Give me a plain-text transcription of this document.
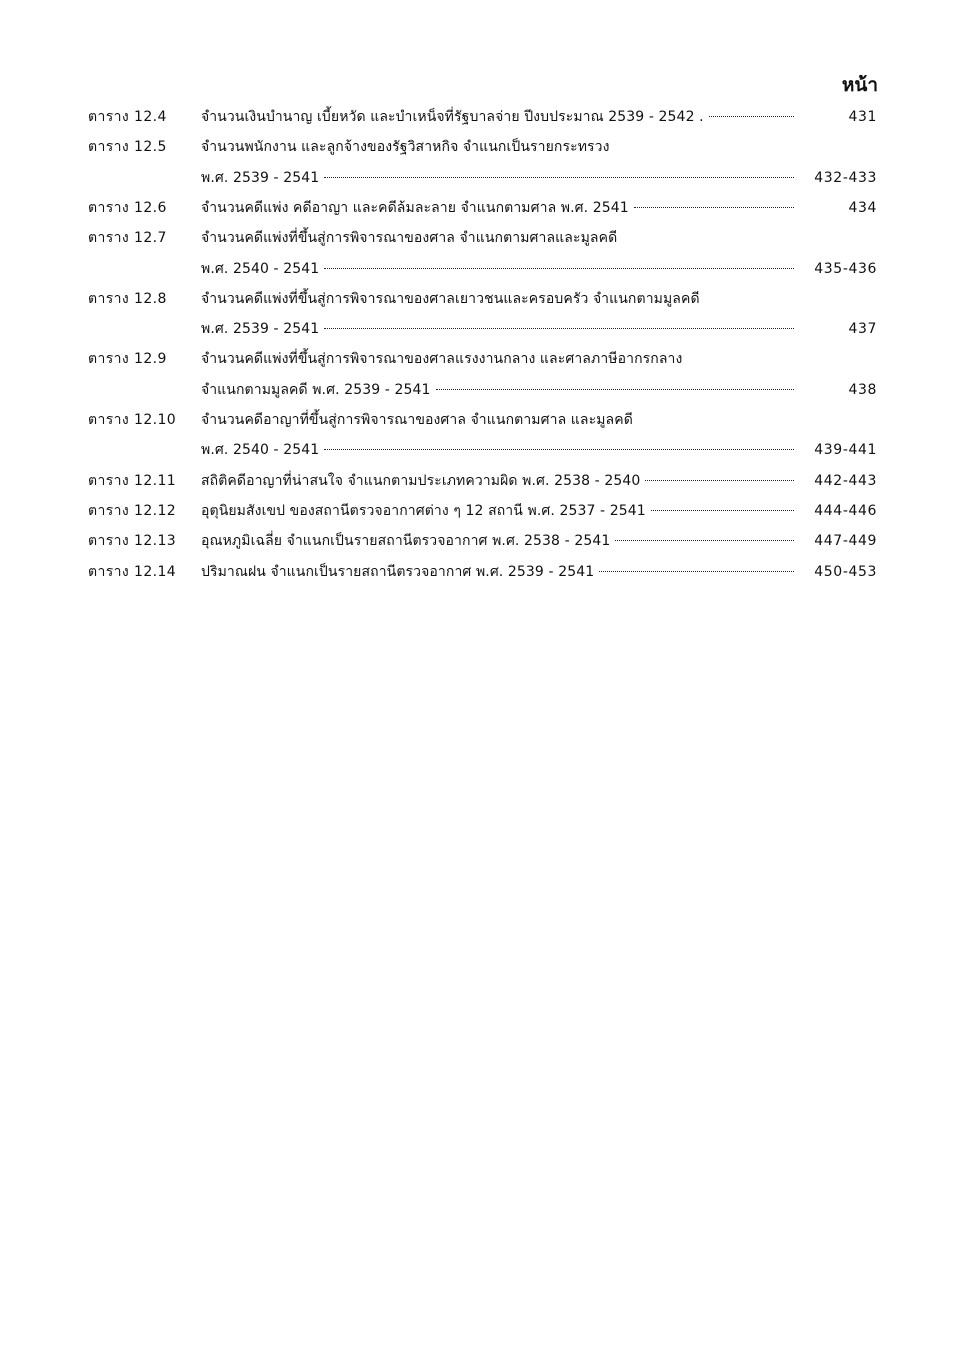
หน้า
ตาราง 12.4 จำนวนเงินบำนาญ เบี้ยหวัด และบำเหน็จที่รัฐบาลจ่าย ปีงบประมาณ 2539 - 2542 .	431
ตาราง 12.5 จำนวนพนักงาน และลูกจ้างของรัฐวิสาหกิจ จำแนกเป็นรายกระทรวง
พ.ศ. 2539 - 2541	432-433
ตาราง 12.6 จำนวนคดีแพ่ง คดีอาญา และคดีล้มละลาย จำแนกตามศาล พ.ศ. 2541	434
ตาราง 12.7 จำนวนคดีแพ่งที่ขึ้นสู่การพิจารณาของศาล จำแนกตามศาลและมูลคดี
พ.ศ. 2540 - 2541	435-436
ตาราง 12.8 จำนวนคดีแพ่งที่ขึ้นสู่การพิจารณาของศาลเยาวชนและครอบครัว จำแนกตามมูลคดี
พ.ศ. 2539 - 2541	437
ตาราง 12.9 จำนวนคดีแพ่งที่ขึ้นสู่การพิจารณาของศาลแรงงานกลาง และศาลภาษีอากรกลาง
จำแนกตามมูลคดี พ.ศ. 2539 - 2541	438
ตาราง 12.10 จำนวนคดีอาญาที่ขึ้นสู่การพิจารณาของศาล จำแนกตามศาล และมูลคดี
พ.ศ. 2540 - 2541	439-441
ตาราง 12.11 สถิติคดีอาญาที่น่าสนใจ จำแนกตามประเภทความผิด พ.ศ. 2538 - 2540	442-443
ตาราง 12.12 อุตุนิยมสังเขป ของสถานีตรวจอากาศต่าง ๆ 12 สถานี พ.ศ. 2537 - 2541	444-446
ตาราง 12.13 อุณหภูมิเฉลี่ย จำแนกเป็นรายสถานีตรวจอากาศ พ.ศ. 2538 - 2541	447-449
ตาราง 12.14 ปริมาณฝน จำแนกเป็นรายสถานีตรวจอากาศ พ.ศ. 2539 - 2541	450-453
